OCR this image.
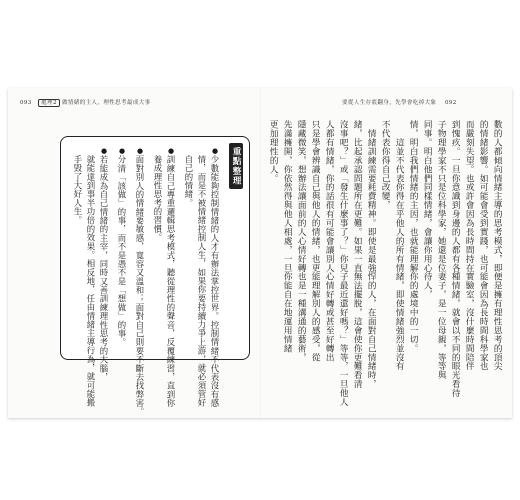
093 處理2 做情緒的主人，理性思考最成大事
重點整理
●少數能夠控制情緒的人才有辦法掌控世界。控制情緒不代表沒有感
情，而是不被情緒控制人生，如果你要持續力爭上游，就必須管好
自己的情緒。
●訓練自己專重邏輯思考模式，聽從理性的聲音，反覆練習，直到你
養成理性思考的習慣。
●面對別人的情緒要敏感，寬容又溫和；面對自己則要不斷去找弊害。
●分清「該做」的事，而不是憑不是「想做」的事。
●若能成為自己情緒的主宰，同時又善訓練理性思考的大腦，
就能達到事半功倍的效果。相反地，任由情緒主導行為，就可能搬
手毀了大好人生。
要從人生存底翻身，先學會吃掉大象 092
數的人都傾向情緒主導的思考模式，即便是擁有理性思考的頂尖
的情緒影響。如可能會受到實踐，也可能會因為長時間科學家也
而嚴刻失望。也或許會因為長時間持在實驗室，沒什麼時間陪伴
到愧疚。一旦你意識到身邊的人都有各種情緒，就會以不同的眼光看待
子物理學家不只是位科學家，她還是位妻子，是一位母親，等等與
同事。明白他們同樣情緒，會讓你用心待人，
情，明白我們情緒的主因，也就能理解你的處境中的一切。
　　這並不代表你得在乎他人的所有情緒，即使情緒強烈並沒有
不代表你得自己改變，
　情緒訓練需要耗費精神。即使是最強悍的人，在面對自己情緒時，
緒，比起承認問題所在更難。如果一直無法擺脫，這會使你更難看清
沒事吧？」或「發生什麼事了？」你兒子最近還好嗎？」等等，一旦他人
人都有情緒，你的話很有可能會讓別人心情好轉或甚至好轉出
只是學會辨識自己與他人的情緒，也更能理解別人的感受，從
隱藏微笑，想辦法讓面前的人心情好轉也是一種溝通的藝術，
先滿擁開，你依然得與他人相處，一旦你能自在地運用情緒
更加理性的人。
